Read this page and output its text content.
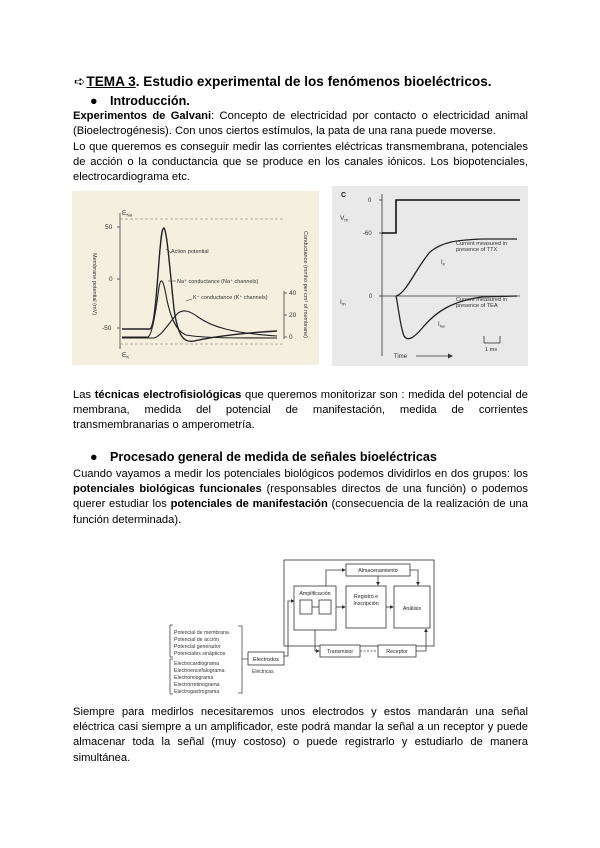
➪TEMA 3. Estudio experimental de los fenómenos bioeléctricos.
● Introducción.
Experimentos de Galvani: Concepto de electricidad por contacto o electricidad animal (Bioelectrogénesis). Con unos ciertos estímulos, la pata de una rana puede moverse.
Lo que queremos es conseguir medir las corrientes eléctricas transmembrana, potenciales de acción o la conductancia que se produce en los canales iónicos. Los biopotenciales, electrocardiograma etc.
Action potential
Na⁺ conductance (Na⁺ channels)
K⁺ conductance (K⁺ channels)
50
0
-50
40
20
0
$E_{Na}$
$E_K$
Membrane potential (mV)	Conductance (mmho per cm² of membrane)
C
$V_m$
0
-60
$I_m$
0
$I_K$
$I_{Na}$
Current measured in presence of TTX
Current measured in presence of TEA
Time
1 ms
Las técnicas electrofisiológicas que queremos monitorizar son : medida del potencial de membrana, medida del potencial de manifestación, medida de corrientes transmembranarias o amperometría.
● Procesado general de medida de señales bioeléctricas
Cuando vayamos a medir los potenciales biológicos podemos dividirlos en dos grupos: los potenciales biológicas funcionales (responsables directos de una función) o podemos querer estudiar los potenciales de manifestación (consecuencia de la realización de una función determinada).
Potencial de membrana
Potencial de acción
Potencial generador
Potenciales sinápticos
Electrocardiograma
Electroencefalograma
Electromiograma
Electrorretinograma
Electrogastrograma
Electrodos
Eléctricas
Almacenamiento
Amplificación	Registro e Inscripción
Análisis
Transmisor	Receptor
Siempre para medirlos necesitaremos unos electrodos y estos mandarán una señal eléctrica casi siempre a un amplificador, este podrá mandar la señal a un receptor y puede almacenar toda la señal (muy costoso) o puede registrarlo y estudiarlo de manera simultánea.
